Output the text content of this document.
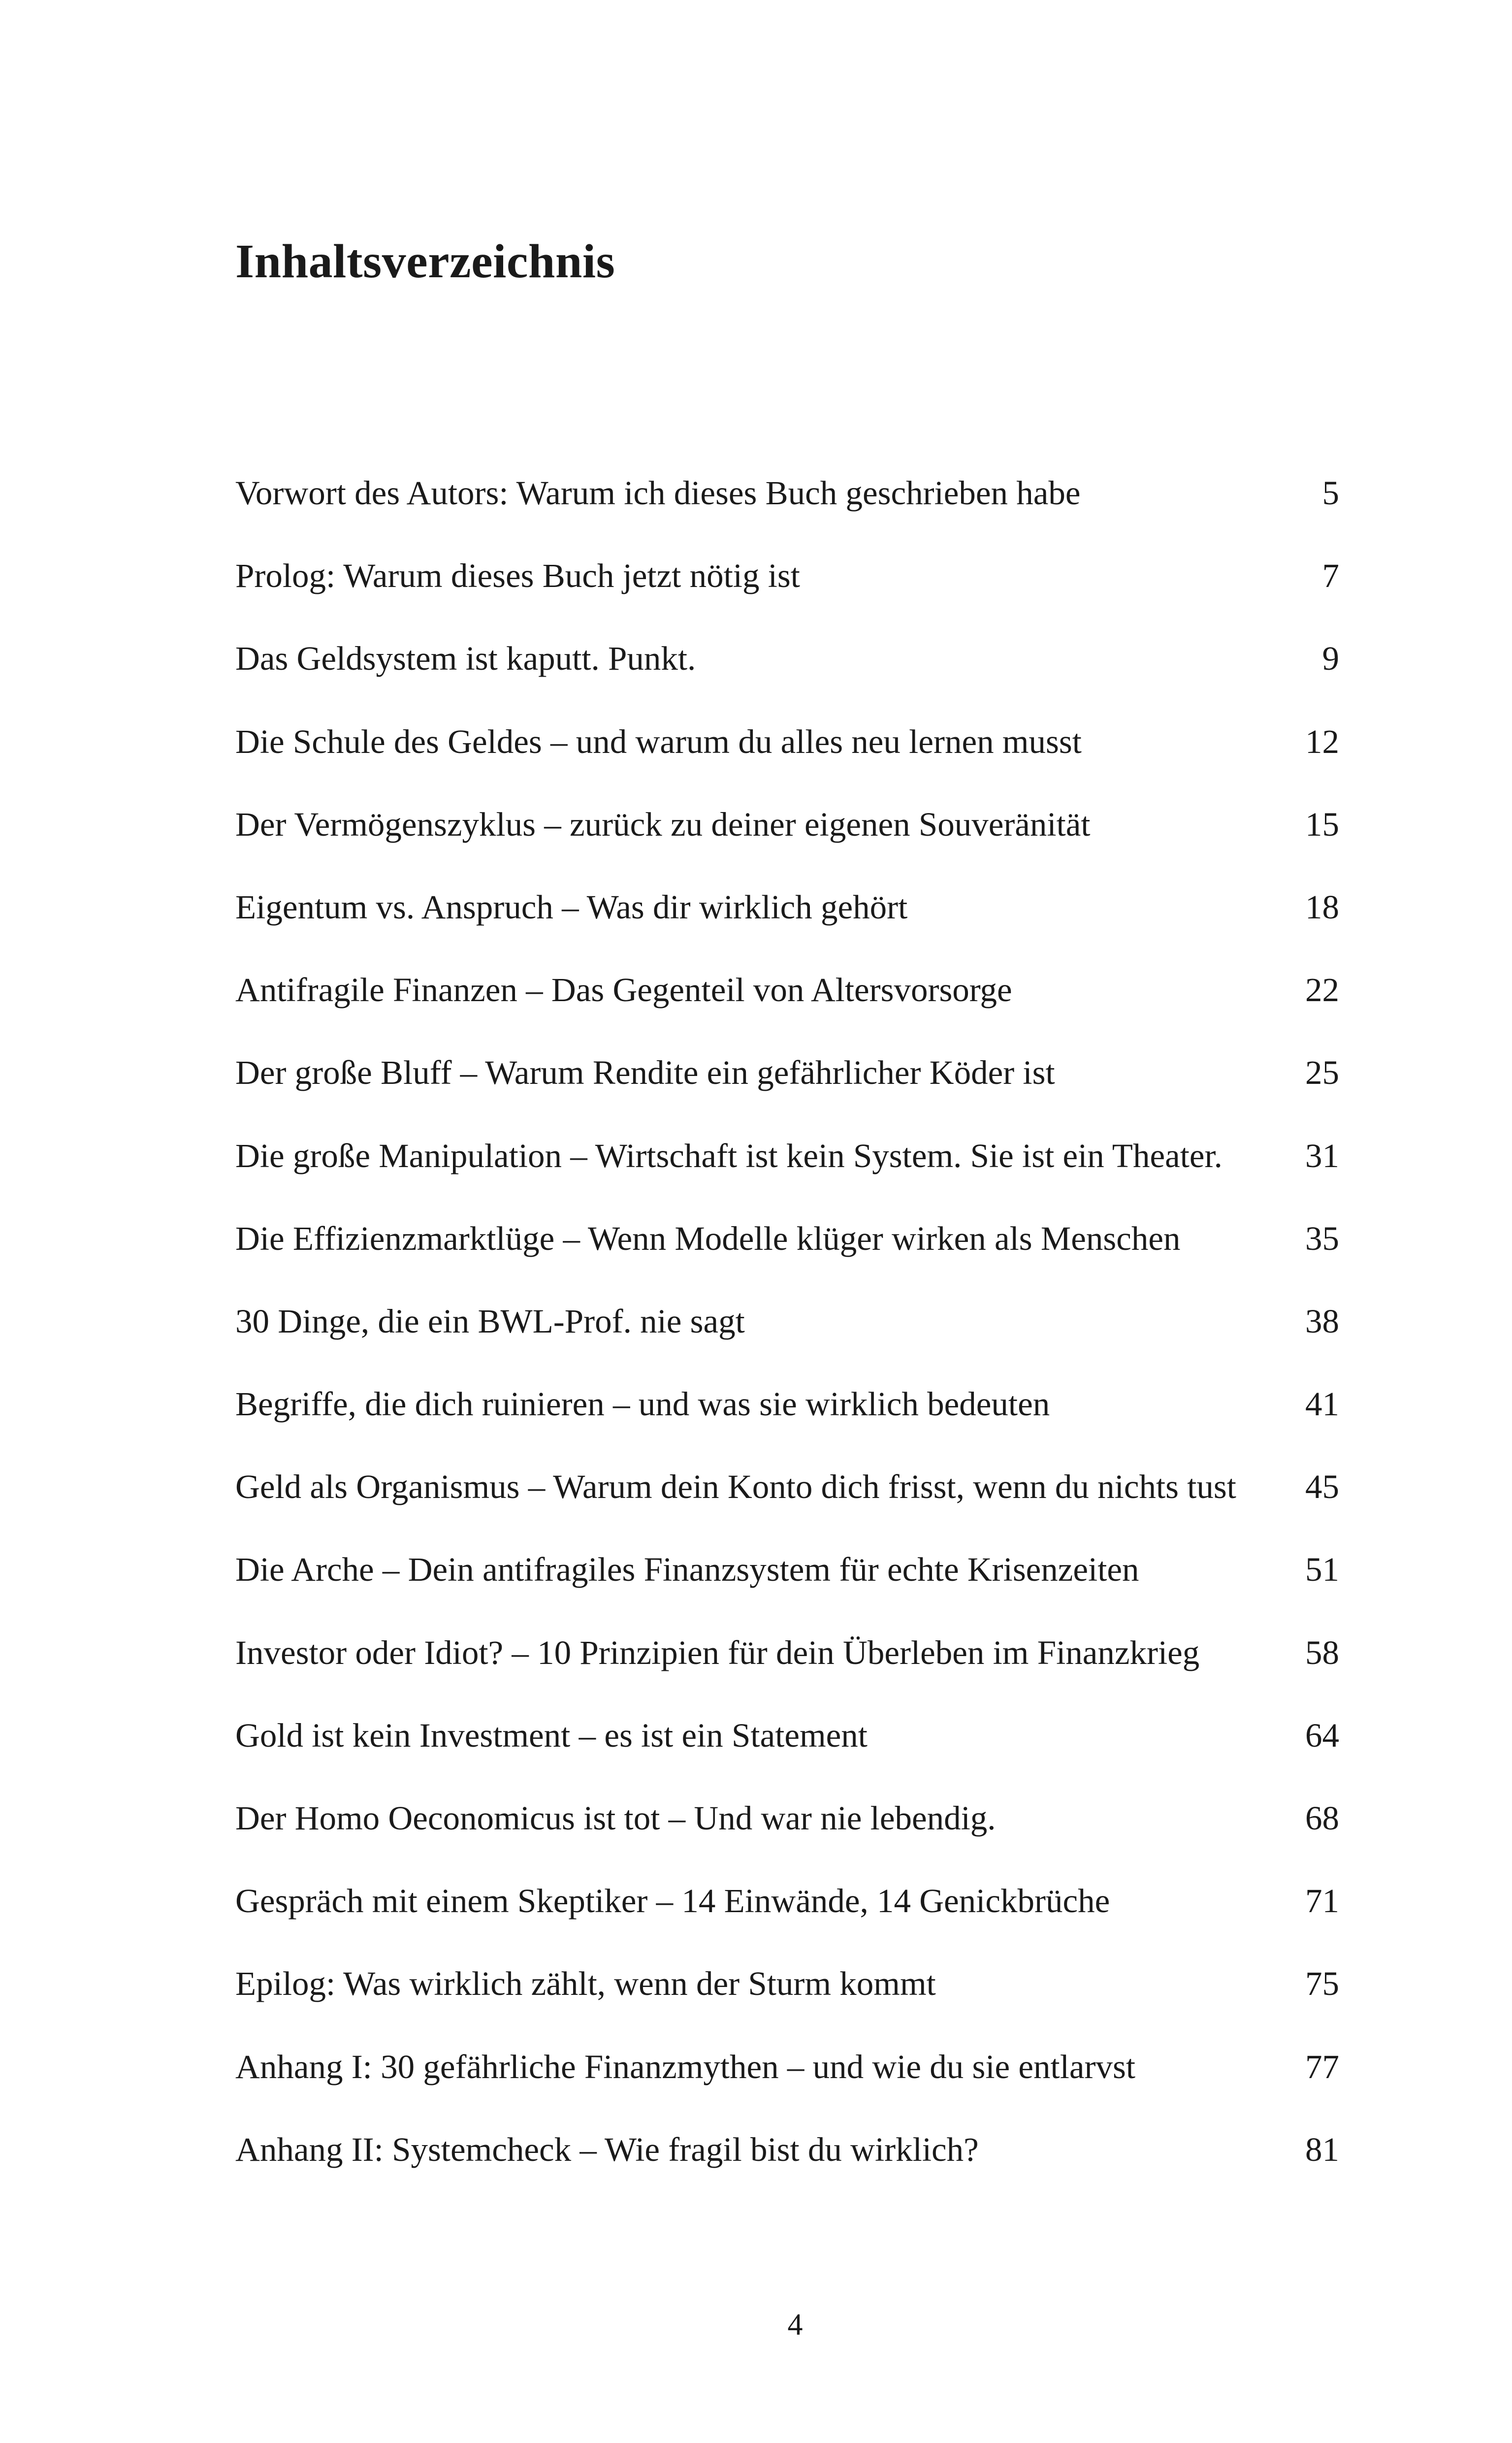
Inhaltsverzeichnis
Vorwort des Autors: Warum ich dieses Buch geschrieben habe	5
Prolog: Warum dieses Buch jetzt nötig ist	7
Das Geldsystem ist kaputt. Punkt.	9
Die Schule des Geldes – und warum du alles neu lernen musst	12
Der Vermögenszyklus – zurück zu deiner eigenen Souveränität	15
Eigentum vs. Anspruch – Was dir wirklich gehört	18
Antifragile Finanzen – Das Gegenteil von Altersvorsorge	22
Der große Bluff – Warum Rendite ein gefährlicher Köder ist	25
Die große Manipulation – Wirtschaft ist kein System. Sie ist ein Theater. 31
Die Effizienzmarktlüge – Wenn Modelle klüger wirken als Menschen	35
30 Dinge, die ein BWL-Prof. nie sagt	38
Begriffe, die dich ruinieren – und was sie wirklich bedeuten	41
Geld als Organismus – Warum dein Konto dich frisst, wenn du nichts tust 45
Die Arche – Dein antifragiles Finanzsystem für echte Krisenzeiten	51
Investor oder Idiot? – 10 Prinzipien für dein Überleben im Finanzkrieg	58
Gold ist kein Investment – es ist ein Statement	64
Der Homo Oeconomicus ist tot – Und war nie lebendig.	68
Gespräch mit einem Skeptiker – 14 Einwände, 14 Genickbrüche	71
Epilog: Was wirklich zählt, wenn der Sturm kommt	75
Anhang I: 30 gefährliche Finanzmythen – und wie du sie entlarvst	77
Anhang II: Systemcheck – Wie fragil bist du wirklich?	81
4
